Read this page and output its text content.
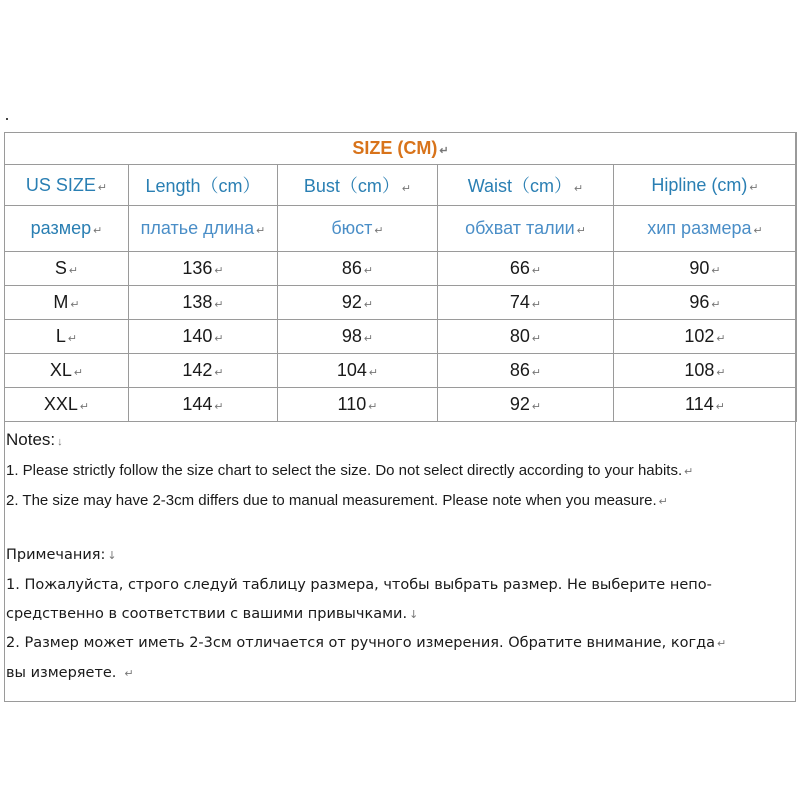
SIZE (CM) ↵				
US SIZE ↵	Length（cm）	Bust（cm） ↵	Waist（cm） ↵	Hipline (cm) ↵
размер ↵	платье длина ↵	бюст ↵	обхват талии ↵	хип размера ↵
S ↵	136 ↵	86 ↵	66 ↵	90 ↵
M ↵	138 ↵	92 ↵	74 ↵	96 ↵
L ↵	140 ↵	98 ↵	80 ↵	102 ↵
XL ↵	142 ↵	104 ↵	86 ↵	108 ↵
XXL ↵	144 ↵	110 ↵	92 ↵	114 ↵
Notes: ↓
1. Please strictly follow the size chart to select the size. Do not select directly according to your habits. ↵
2. The size may have 2-3cm differs due to manual measurement. Please note when you measure. ↵
Примечания: ↓
1. Пожалуйста, строго следуй таблицу размера, чтобы выбрать размер. Не выберите непо-
средственно в соответствии с вашими привычками. ↓
2. Размер может иметь 2-3см отличается от ручного измерения. Обратите внимание, когда ↵
вы измеряете. ↵
